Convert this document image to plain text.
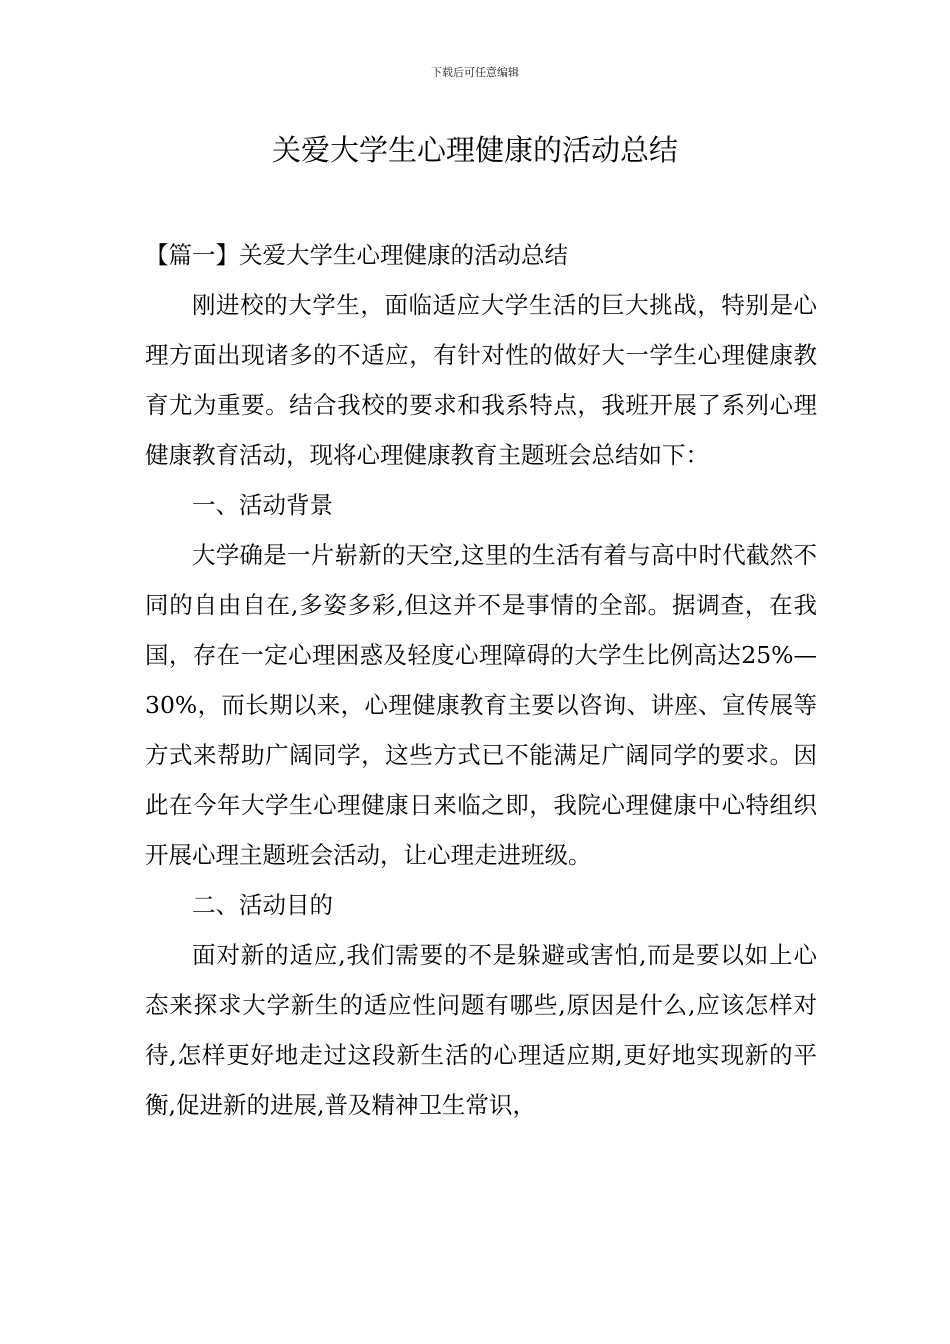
下载后可任意编辑
关爱大学生心理健康的活动总结

【篇一】关爱大学生心理健康的活动总结

刚进校的大学生，面临适应大学生活的巨大挑战，特别是心理方面出现诸多的不适应，有针对性的做好大一学生心理健康教育尤为重要。结合我校的要求和我系特点，我班开展了系列心理健康教育活动，现将心理健康教育主题班会总结如下：

一、活动背景

大学确是一片崭新的天空,这里的生活有着与高中时代截然不同的自由自在,多姿多彩,但这并不是事情的全部。据调查，在我国，存在一定心理困惑及轻度心理障碍的大学生比例高达25%—30%，而长期以来，心理健康教育主要以咨询、讲座、宣传展等方式来帮助广阔同学，这些方式已不能满足广阔同学的要求。因此在今年大学生心理健康日来临之即，我院心理健康中心特组织开展心理主题班会活动，让心理走进班级。

二、活动目的

面对新的适应,我们需要的不是躲避或害怕,而是要以如上心态来探求大学新生的适应性问题有哪些,原因是什么,应该怎样对待,怎样更好地走过这段新生活的心理适应期,更好地实现新的平衡,促进新的进展,普及精神卫生常识，
